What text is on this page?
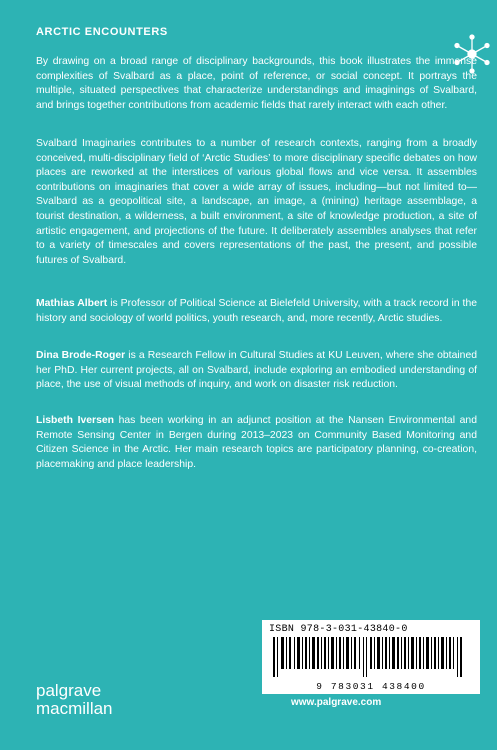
ARCTIC ENCOUNTERS

By drawing on a broad range of disciplinary backgrounds, this book illustrates the immense complexities of Svalbard as a place, point of reference, or social concept. It portrays the multiple, situated perspectives that characterize understandings and imaginings of Svalbard, and brings together contributions from academic fields that rarely interact with each other.

Svalbard Imaginaries contributes to a number of research contexts, ranging from a broadly conceived, multi-disciplinary field of ‘Arctic Studies’ to more disciplinary specific debates on how places are reworked at the interstices of various global flows and vice versa. It assembles contributions on imaginaries that cover a wide array of issues, including—but not limited to—Svalbard as a geopolitical site, a landscape, an image, a (mining) heritage assemblage, a tourist destination, a wilderness, a built environment, a site of knowledge production, a site of artistic engagement, and projections of the future. It deliberately assembles analyses that refer to a variety of timescales and covers representations of the past, the present, and possible futures of Svalbard.

Mathias Albert is Professor of Political Science at Bielefeld University, with a track record in the history and sociology of world politics, youth research, and, more recently, Arctic studies.

Dina Brode-Roger is a Research Fellow in Cultural Studies at KU Leuven, where she obtained her PhD. Her current projects, all on Svalbard, include exploring an embodied understanding of place, the use of visual methods of inquiry, and work on disaster risk reduction.

Lisbeth Iversen has been working in an adjunct position at the Nansen Environmental and Remote Sensing Center in Bergen during 2013–2023 on Community Based Monitoring and Citizen Science in the Arctic. Her main research topics are participatory planning, co-creation, placemaking and place leadership.

ISBN 978-3-031-43840-0
9 783031 438400
palgrave
macmillan	www.palgrave.com
